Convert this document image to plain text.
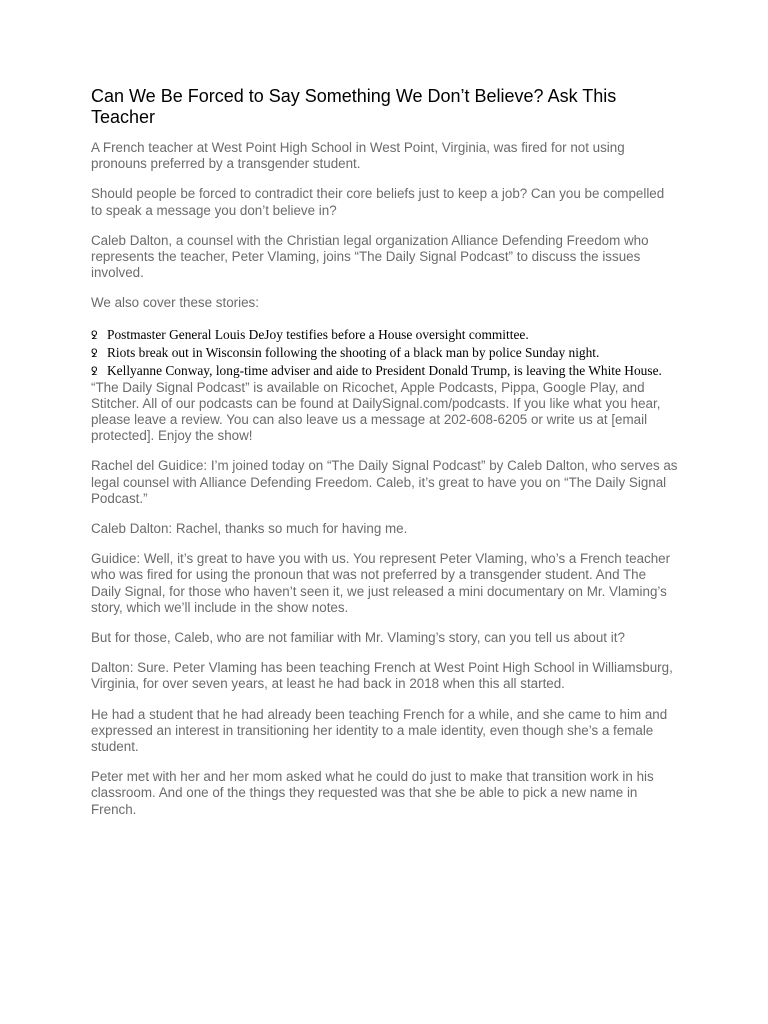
Can We Be Forced to Say Something We Don’t Believe? Ask This Teacher

A French teacher at West Point High School in West Point, Virginia, was fired for not using pronouns preferred by a transgender student.

Should people be forced to contradict their core beliefs just to keep a job? Can you be compelled to speak a message you don’t believe in?

Caleb Dalton, a counsel with the Christian legal organization Alliance Defending Freedom who represents the teacher, Peter Vlaming, joins “The Daily Signal Podcast” to discuss the issues involved.

We also cover these stories:

ꝿ Postmaster General Louis DeJoy testifies before a House oversight committee.
ꝿ Riots break out in Wisconsin following the shooting of a black man by police Sunday night.
ꝿ Kellyanne Conway, long-time adviser and aide to President Donald Trump, is leaving the White House.

“The Daily Signal Podcast” is available on Ricochet, Apple Podcasts, Pippa, Google Play, and Stitcher. All of our podcasts can be found at DailySignal.com/podcasts. If you like what you hear, please leave a review. You can also leave us a message at 202-608-6205 or write us at [email protected]. Enjoy the show!

Rachel del Guidice: I’m joined today on “The Daily Signal Podcast” by Caleb Dalton, who serves as legal counsel with Alliance Defending Freedom. Caleb, it’s great to have you on “The Daily Signal Podcast.”

Caleb Dalton: Rachel, thanks so much for having me.

Guidice: Well, it’s great to have you with us. You represent Peter Vlaming, who’s a French teacher who was fired for using the pronoun that was not preferred by a transgender student. And The Daily Signal, for those who haven’t seen it, we just released a mini documentary on Mr. Vlaming’s story, which we’ll include in the show notes.

But for those, Caleb, who are not familiar with Mr. Vlaming’s story, can you tell us about it?

Dalton: Sure. Peter Vlaming has been teaching French at West Point High School in Williamsburg, Virginia, for over seven years, at least he had back in 2018 when this all started.

He had a student that he had already been teaching French for a while, and she came to him and expressed an interest in transitioning her identity to a male identity, even though she’s a female student.

Peter met with her and her mom asked what he could do just to make that transition work in his classroom. And one of the things they requested was that she be able to pick a new name in French.
